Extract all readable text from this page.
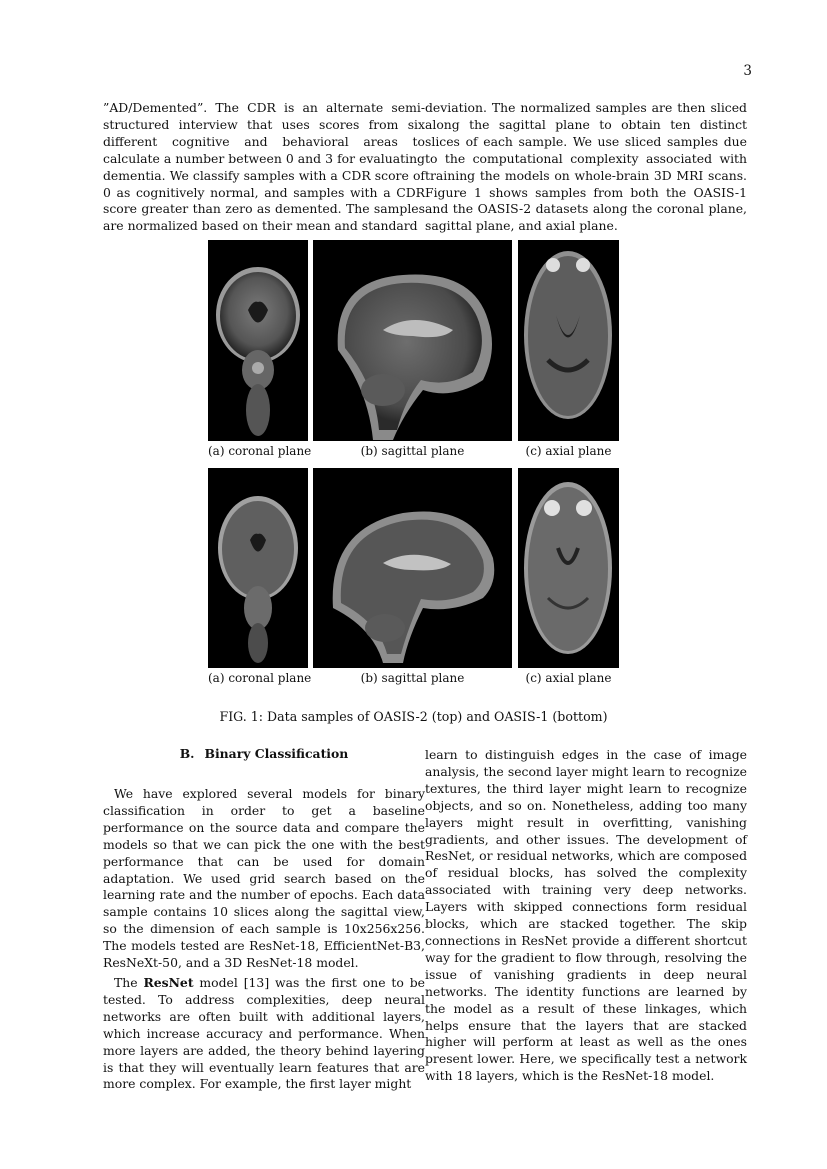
3

”AD/Demented”. The CDR is an alternate semi-structured interview that uses scores from six different cognitive and behavioral areas to calculate a number between 0 and 3 for evaluating dementia. We classify samples with a CDR score of 0 as cognitively normal, and samples with a CDR score greater than zero as demented. The samples are normalized based on their mean and standard

deviation. The normalized samples are then sliced along the sagittal plane to obtain ten distinct slices of each sample. We use sliced samples due to the computational complexity associated with training the models on whole-brain 3D MRI scans. Figure 1 shows samples from both the OASIS-1 and the OASIS-2 datasets along the coronal plane, sagittal plane, and axial plane.

(a) coronal plane	(b) sagittal plane	(c) axial plane
(a) coronal plane	(b) sagittal plane	(c) axial plane
FIG. 1: Data samples of OASIS-2 (top) and OASIS-1 (bottom)
B. Binary Classification

We have explored several models for binary classification in order to get a baseline performance on the source data and compare the models so that we can pick the one with the best performance that can be used for domain adaptation. We used grid search based on the learning rate and the number of epochs. Each data sample contains 10 slices along the sagittal view, so the dimension of each sample is 10x256x256. The models tested are ResNet-18, EfficientNet-B3, ResNeXt-50, and a 3D ResNet-18 model.

The ResNet model [13] was the first one to be tested. To address complexities, deep neural networks are often built with additional layers, which increase accuracy and performance. When more layers are added, the theory behind layering is that they will eventually learn features that are more complex. For example, the first layer might

learn to distinguish edges in the case of image analysis, the second layer might learn to recognize textures, the third layer might learn to recognize objects, and so on. Nonetheless, adding too many layers might result in overfitting, vanishing gradients, and other issues. The development of ResNet, or residual networks, which are composed of residual blocks, has solved the complexity associated with training very deep networks. Layers with skipped connections form residual blocks, which are stacked together. The skip connections in ResNet provide a different shortcut way for the gradient to flow through, resolving the issue of vanishing gradients in deep neural networks. The identity functions are learned by the model as a result of these linkages, which helps ensure that the layers that are stacked higher will perform at least as well as the ones present lower. Here, we specifically test a network with 18 layers, which is the ResNet-18 model.
